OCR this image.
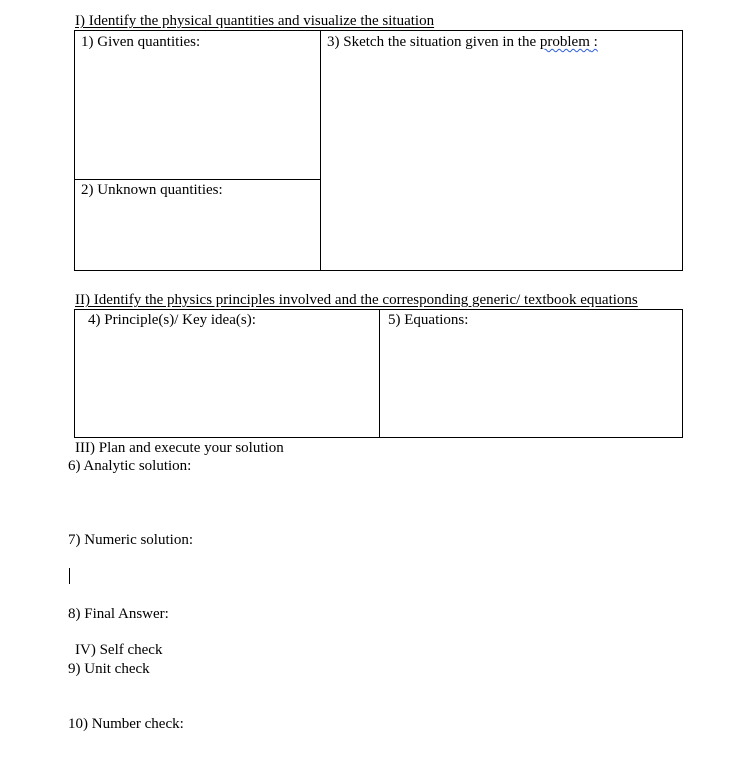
I) Identify the physical quantities and visualize the situation
1) Given quantities:
2) Unknown quantities:
3) Sketch the situation given in the problem :
II) Identify the physics principles involved and the corresponding generic/ textbook equations
4) Principle(s)/ Key idea(s):	5) Equations:
III) Plan and execute your solution
6) Analytic solution:
7) Numeric solution:
8) Final Answer:
IV) Self check
9) Unit check
10) Number check:
